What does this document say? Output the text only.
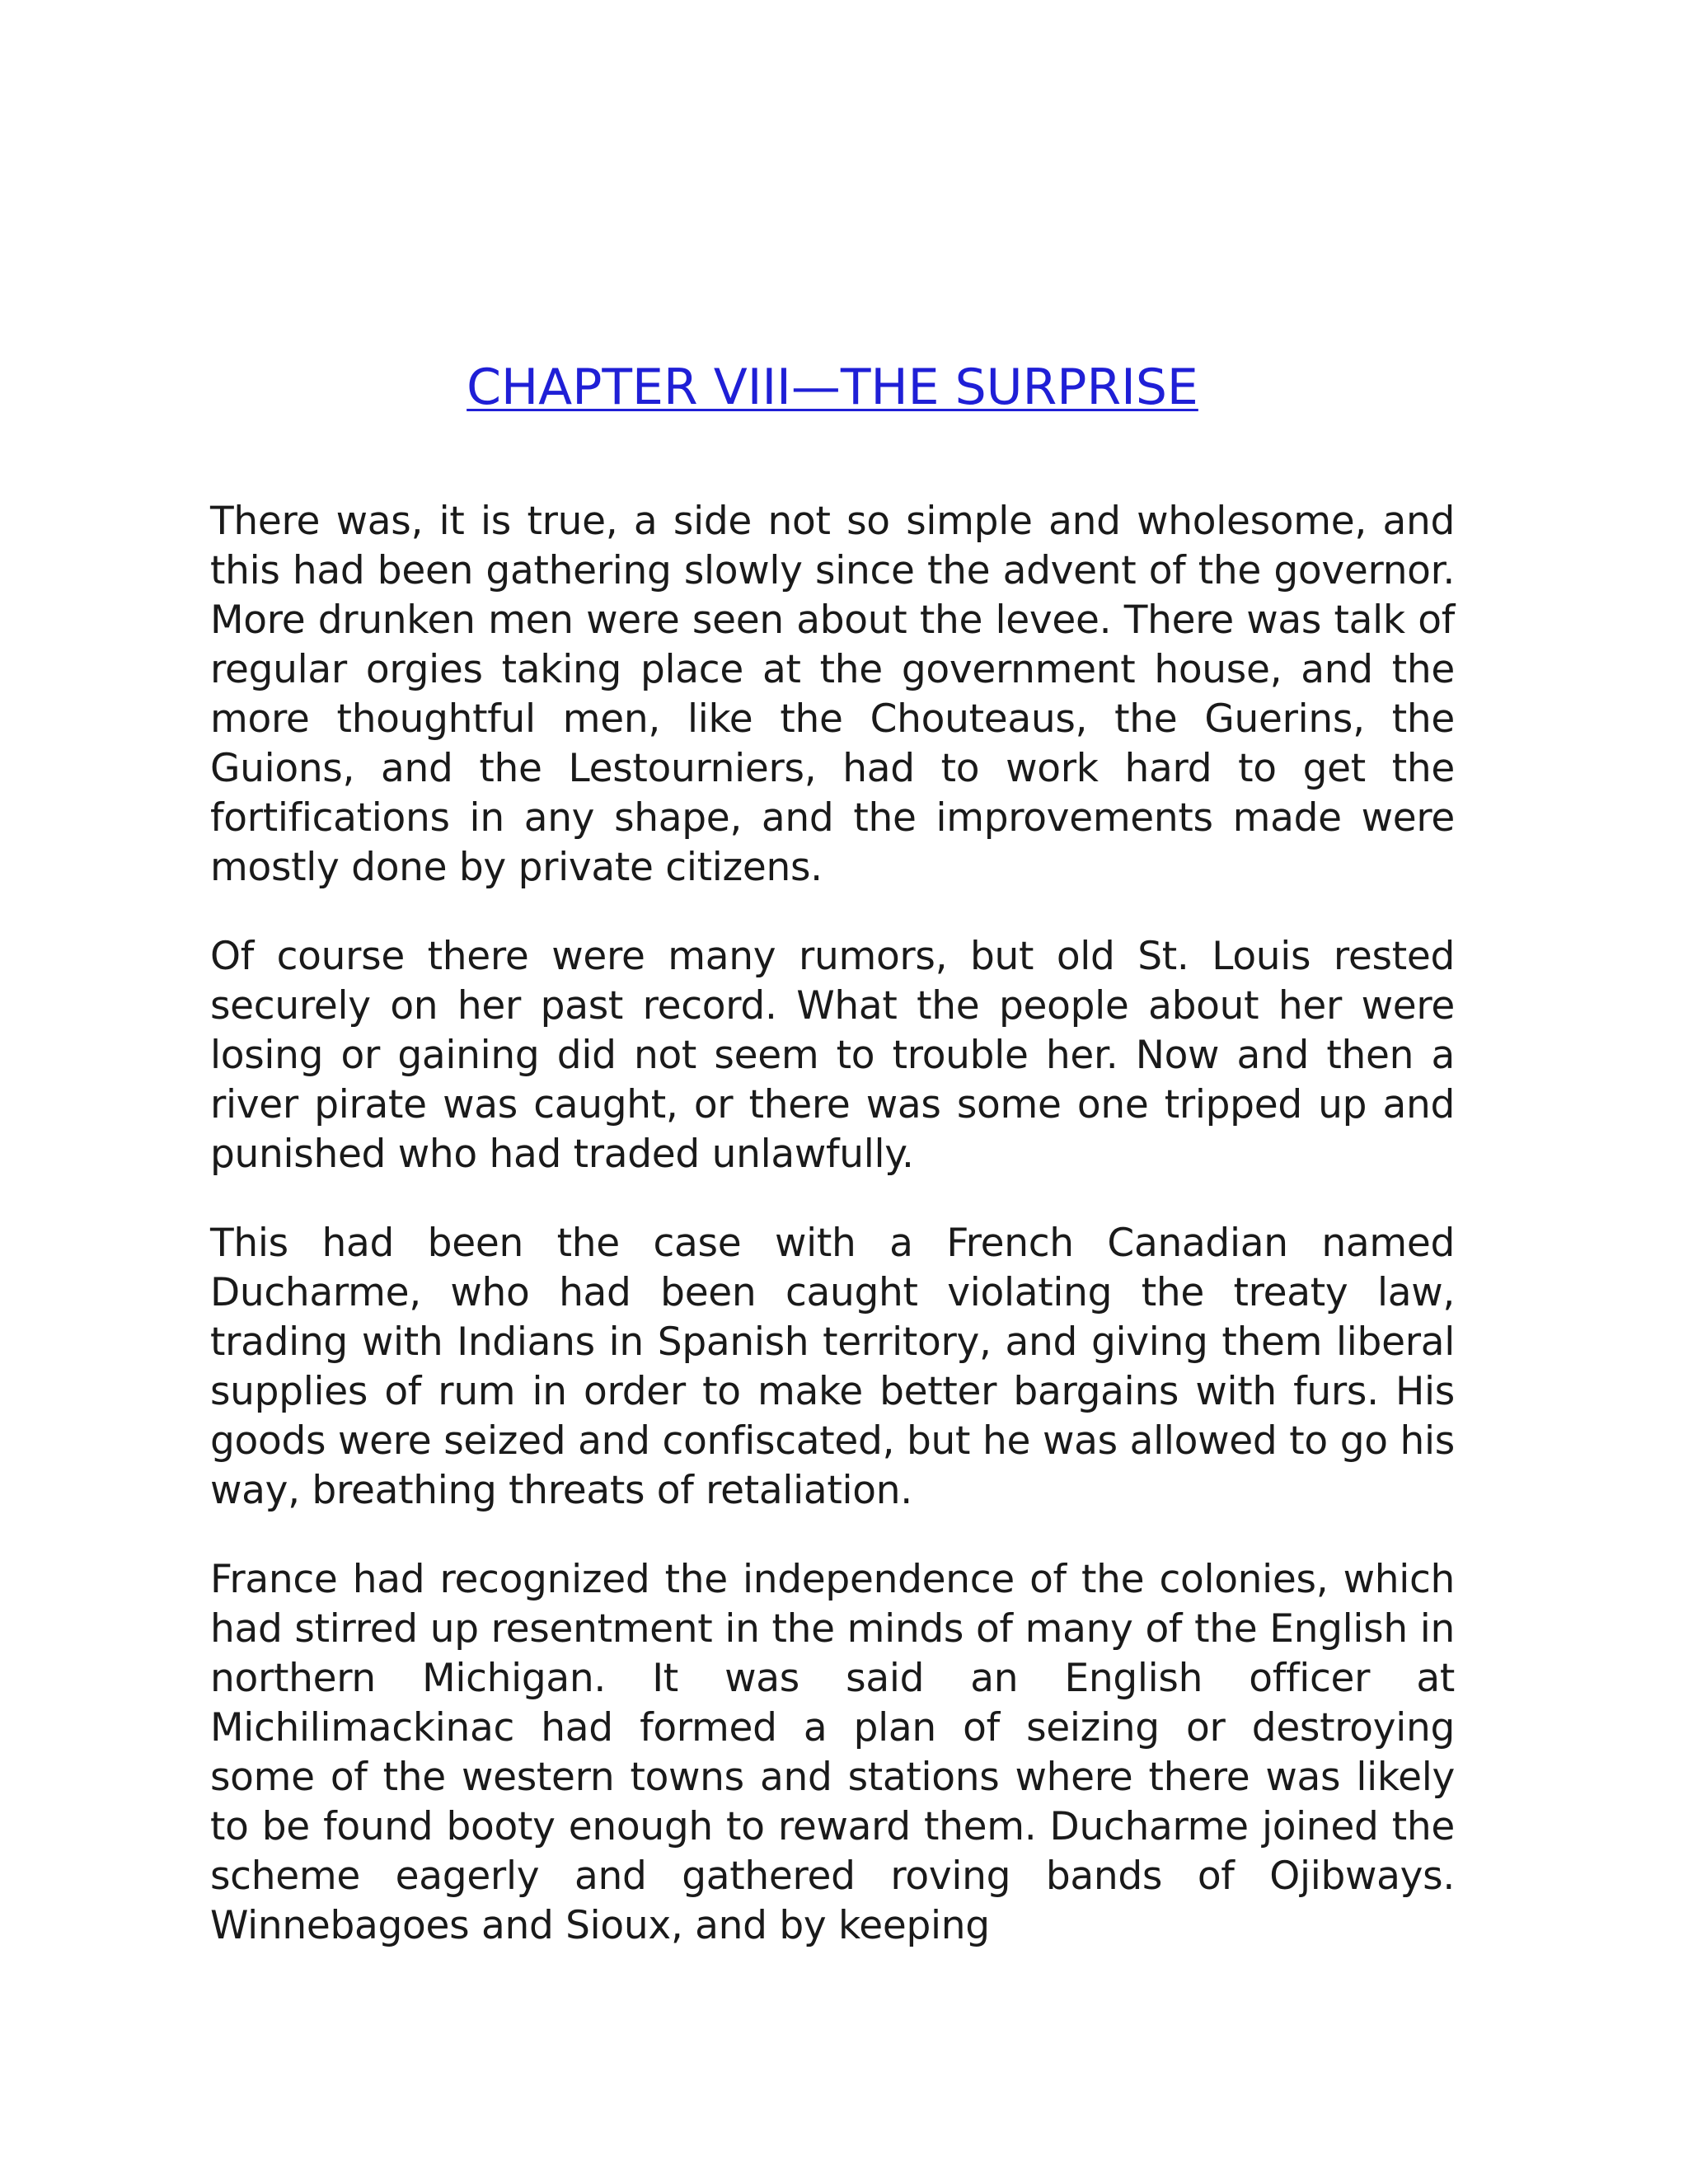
CHAPTER VIII—THE SURPRISE

There was, it is true, a side not so simple and wholesome, and this had been gathering slowly since the advent of the governor. More drunken men were seen about the levee. There was talk of regular orgies taking place at the government house, and the more thoughtful men, like the Chouteaus, the Guerins, the Guions, and the Lestourniers, had to work hard to get the fortifications in any shape, and the improvements made were mostly done by private citizens.

Of course there were many rumors, but old St. Louis rested securely on her past record. What the people about her were losing or gaining did not seem to trouble her. Now and then a river pirate was caught, or there was some one tripped up and punished who had traded unlawfully.

This had been the case with a French Canadian named Ducharme, who had been caught violating the treaty law, trading with Indians in Spanish territory, and giving them liberal supplies of rum in order to make better bargains with furs. His goods were seized and confiscated, but he was allowed to go his way, breathing threats of retaliation.

France had recognized the independence of the colonies, which had stirred up resentment in the minds of many of the English in northern Michigan. It was said an English officer at Michilimackinac had formed a plan of seizing or destroying some of the western towns and stations where there was likely to be found booty enough to reward them. Ducharme joined the scheme eagerly and gathered roving bands of Ojibways. Winnebagoes and Sioux, and by keeping
